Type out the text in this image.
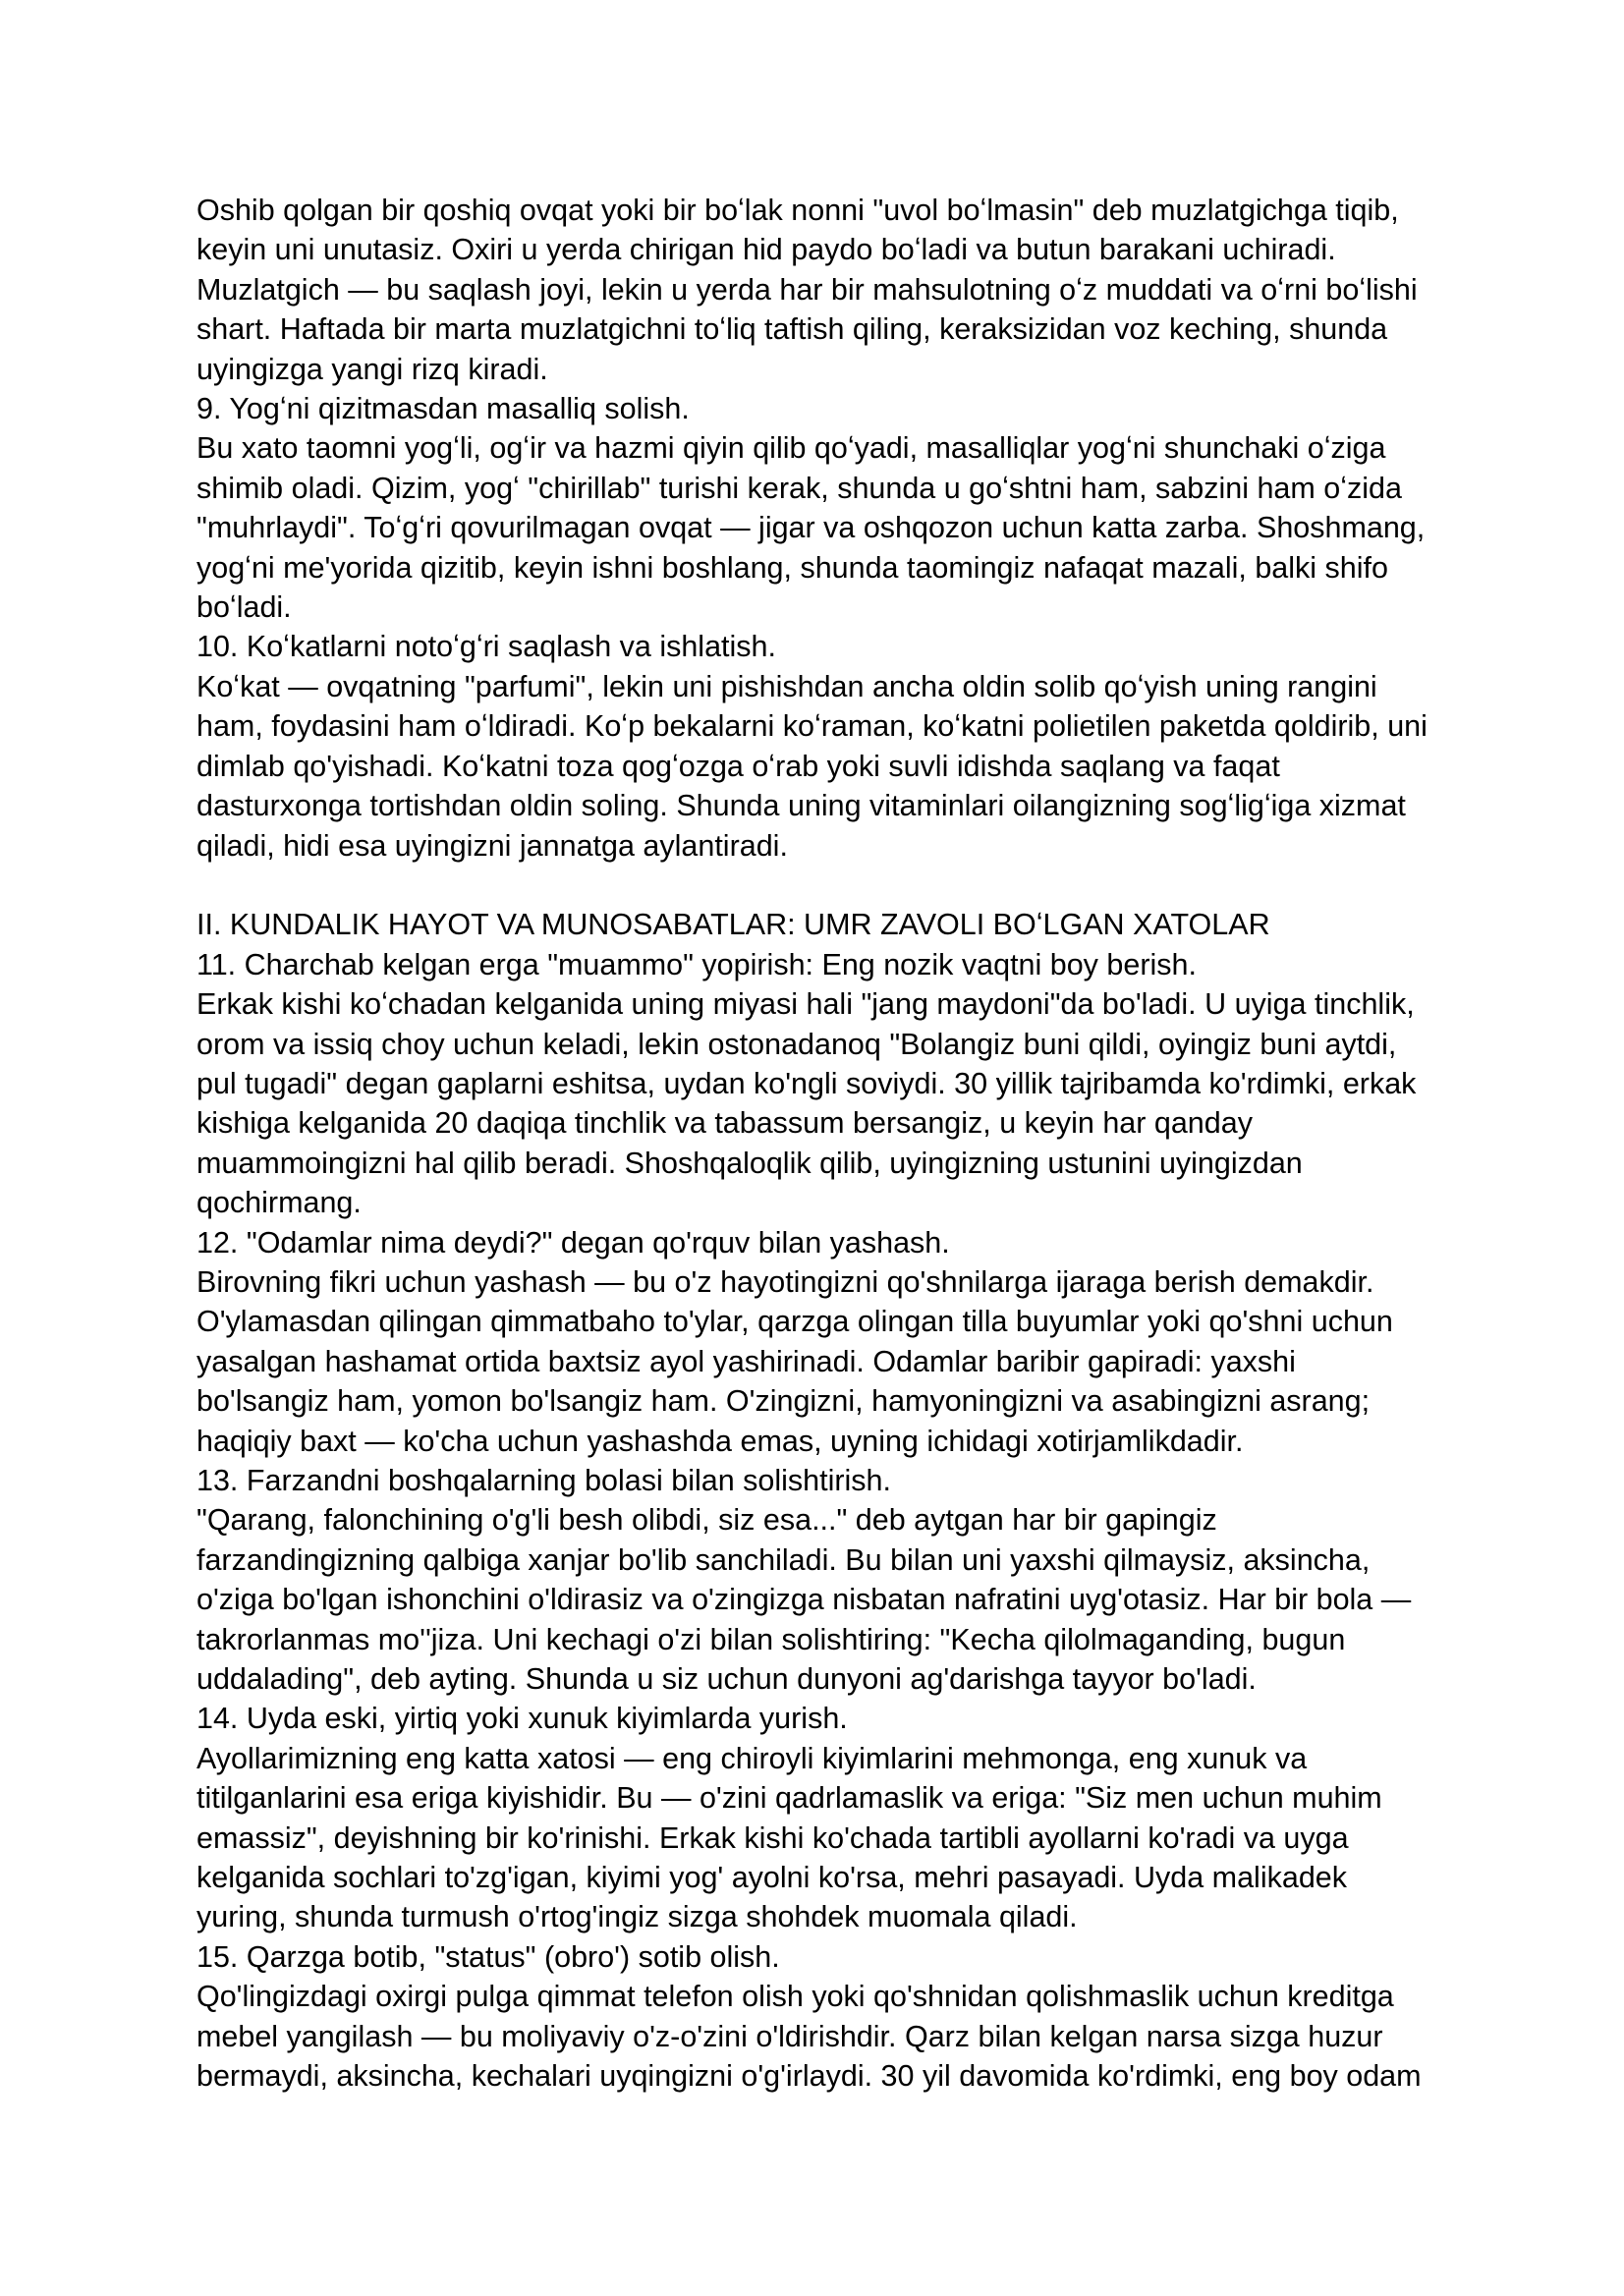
Oshib qolgan bir qoshiq ovqat yoki bir boʻlak nonni "uvol boʻlmasin" deb muzlatgichga tiqib, keyin uni unutasiz. Oxiri u yerda chirigan hid paydo boʻladi va butun barakani uchiradi. Muzlatgich — bu saqlash joyi, lekin u yerda har bir mahsulotning oʻz muddati va oʻrni boʻlishi shart. Haftada bir marta muzlatgichni toʻliq taftish qiling, keraksizidan voz keching, shunda uyingizga yangi rizq kiradi.

9. Yogʻni qizitmasdan masalliq solish.

Bu xato taomni yogʻli, ogʻir va hazmi qiyin qilib qoʻyadi, masalliqlar yogʻni shunchaki oʻziga shimib oladi. Qizim, yogʻ "chirillab" turishi kerak, shunda u goʻshtni ham, sabzini ham oʻzida "muhrlaydi". Toʻgʻri qovurilmagan ovqat — jigar va oshqozon uchun katta zarba. Shoshmang, yogʻni me'yorida qizitib, keyin ishni boshlang, shunda taomingiz nafaqat mazali, balki shifo boʻladi.

10. Koʻkatlarni notoʻgʻri saqlash va ishlatish.

Koʻkat — ovqatning "parfumi", lekin uni pishishdan ancha oldin solib qoʻyish uning rangini ham, foydasini ham oʻldiradi. Koʻp bekalarni koʻraman, koʻkatni polietilen paketda qoldirib, uni dimlab qo'yishadi. Koʻkatni toza qogʻozga oʻrab yoki suvli idishda saqlang va faqat dasturxonga tortishdan oldin soling. Shunda uning vitaminlari oilangizning sogʻligʻiga xizmat qiladi, hidi esa uyingizni jannatga aylantiradi.

II. KUNDALIK HAYOT VA MUNOSABATLAR: UMR ZAVOLI BOʻLGAN XATOLAR

11. Charchab kelgan erga "muammo" yopirish: Eng nozik vaqtni boy berish.

Erkak kishi koʻchadan kelganida uning miyasi hali "jang maydoni"da bo'ladi. U uyiga tinchlik, orom va issiq choy uchun keladi, lekin ostonadanoq "Bolangiz buni qildi, oyingiz buni aytdi, pul tugadi" degan gaplarni eshitsa, uydan ko'ngli soviydi. 30 yillik tajribamda ko'rdimki, erkak kishiga kelganida 20 daqiqa tinchlik va tabassum bersangiz, u keyin har qanday muammoingizni hal qilib beradi. Shoshqaloqlik qilib, uyingizning ustunini uyingizdan qochirmang.

12. "Odamlar nima deydi?" degan qo'rquv bilan yashash.

Birovning fikri uchun yashash — bu o'z hayotingizni qo'shnilarga ijaraga berish demakdir. O'ylamasdan qilingan qimmatbaho to'ylar, qarzga olingan tilla buyumlar yoki qo'shni uchun yasalgan hashamat ortida baxtsiz ayol yashirinadi. Odamlar baribir gapiradi: yaxshi bo'lsangiz ham, yomon bo'lsangiz ham. O'zingizni, hamyoningizni va asabingizni asrang; haqiqiy baxt — ko'cha uchun yashashda emas, uyning ichidagi xotirjamlikdadir.

13. Farzandni boshqalarning bolasi bilan solishtirish.

"Qarang, falonchining o'g'li besh olibdi, siz esa..." deb aytgan har bir gapingiz farzandingizning qalbiga xanjar bo'lib sanchiladi. Bu bilan uni yaxshi qilmaysiz, aksincha, o'ziga bo'lgan ishonchini o'ldirasiz va o'zingizga nisbatan nafratini uyg'otasiz. Har bir bola — takrorlanmas mo''jiza. Uni kechagi o'zi bilan solishtiring: "Kecha qilolmaganding, bugun uddalading", deb ayting. Shunda u siz uchun dunyoni ag'darishga tayyor bo'ladi.

14. Uyda eski, yirtiq yoki xunuk kiyimlarda yurish.

Ayollarimizning eng katta xatosi — eng chiroyli kiyimlarini mehmonga, eng xunuk va titilganlarini esa eriga kiyishidir. Bu — o'zini qadrlamaslik va eriga: "Siz men uchun muhim emassiz", deyishning bir ko'rinishi. Erkak kishi ko'chada tartibli ayollarni ko'radi va uyga kelganida sochlari to'zg'igan, kiyimi yog' ayolni ko'rsa, mehri pasayadi. Uyda malikadek yuring, shunda turmush o'rtog'ingiz sizga shohdek muomala qiladi.

15. Qarzga botib, "status" (obro') sotib olish.

Qo'lingizdagi oxirgi pulga qimmat telefon olish yoki qo'shnidan qolishmaslik uchun kreditga mebel yangilash — bu moliyaviy o'z-o'zini o'ldirishdir. Qarz bilan kelgan narsa sizga huzur bermaydi, aksincha, kechalari uyqingizni o'g'irlaydi. 30 yil davomida ko'rdimki, eng boy odam
